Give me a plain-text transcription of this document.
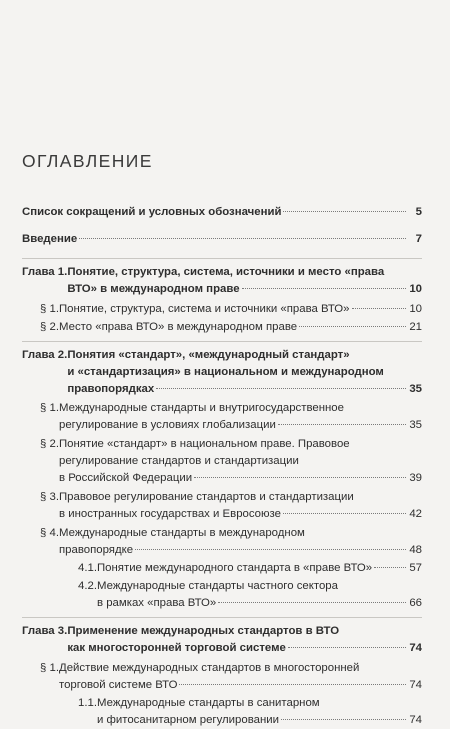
ОГЛАВЛЕНИЕ
Список сокращений и условных обозначений	5
Введение	7
Глава 1. Понятие, структура, система, источники и место «права
ВТО» в международном праве	10
§ 1. Понятие, структура, система и источники «права ВТО»	10
§ 2. Место «права ВТО» в международном праве	21
Глава 2. Понятия «стандарт», «международный стандарт»
и «стандартизация» в национальном и международном
правопорядках	35
§ 1. Международные стандарты и внутригосударственное
регулирование в условиях глобализации	35
§ 2. Понятие «стандарт» в национальном праве. Правовое
регулирование стандартов и стандартизации
в Российской Федерации	39
§ 3. Правовое регулирование стандартов и стандартизации
в иностранных государствах и Евросоюзе	42
§ 4. Международные стандарты в международном
правопорядке	48
4.1. Понятие международного стандарта в «праве ВТО»	57
4.2. Международные стандарты частного сектора
в рамках «права ВТО»	66
Глава 3. Применение международных стандартов в ВТО
как многосторонней торговой системе	74
§ 1. Действие международных стандартов в многосторонней
торговой системе ВТО	74
1.1. Международные стандарты в санитарном
и фитосанитарном регулировании	74
